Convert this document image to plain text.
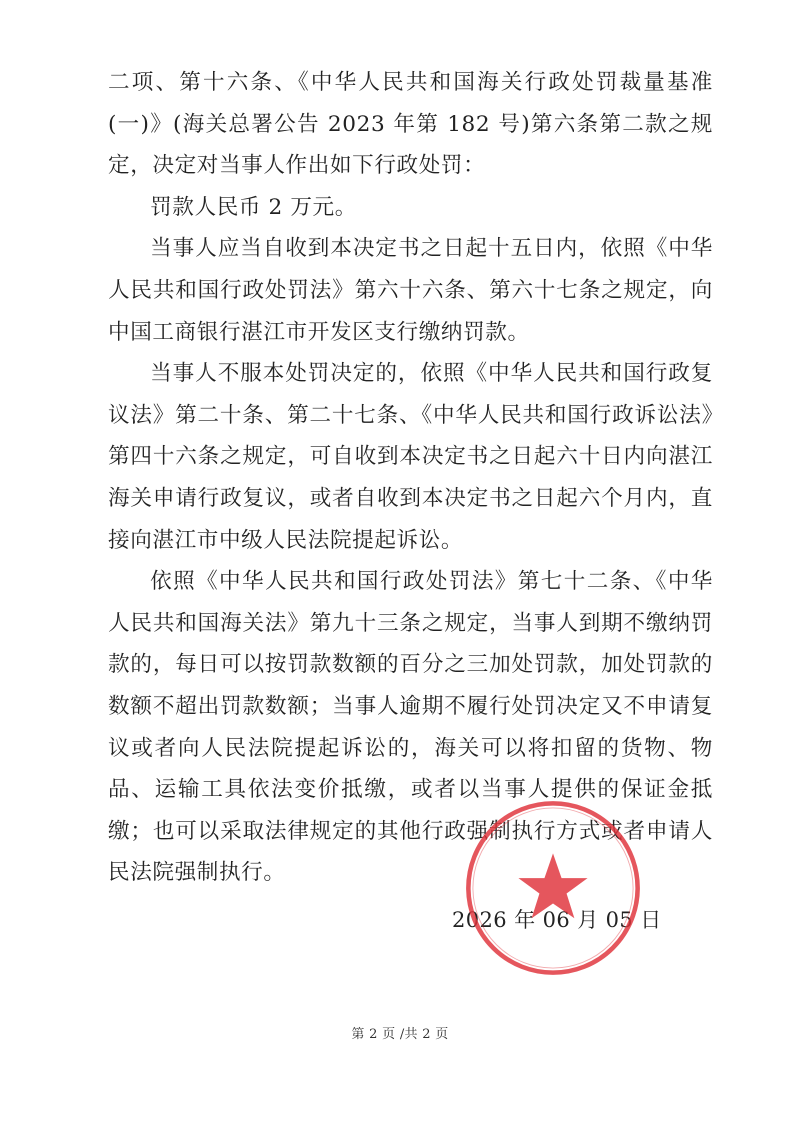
二项、第十六条、《中华人民共和国海关行政处罚裁量基准(一)》(海关总署公告 2023 年第 182 号)第六条第二款之规定，决定对当事人作出如下行政处罚：

罚款人民币 2 万元。

当事人应当自收到本决定书之日起十五日内，依照《中华人民共和国行政处罚法》第六十六条、第六十七条之规定，向中国工商银行湛江市开发区支行缴纳罚款。

当事人不服本处罚决定的，依照《中华人民共和国行政复议法》第二十条、第二十七条、《中华人民共和国行政诉讼法》第四十六条之规定，可自收到本决定书之日起六十日内向湛江海关申请行政复议，或者自收到本决定书之日起六个月内，直接向湛江市中级人民法院提起诉讼。

依照《中华人民共和国行政处罚法》第七十二条、《中华人民共和国海关法》第九十三条之规定，当事人到期不缴纳罚款的，每日可以按罚款数额的百分之三加处罚款，加处罚款的数额不超出罚款数额；当事人逾期不履行处罚决定又不申请复议或者向人民法院提起诉讼的，海关可以将扣留的货物、物品、运输工具依法变价抵缴，或者以当事人提供的保证金抵缴；也可以采取法律规定的其他行政强制执行方式或者申请人民法院强制执行。

2026 年 06 月 05 日
第 2 页 /共 2 页
